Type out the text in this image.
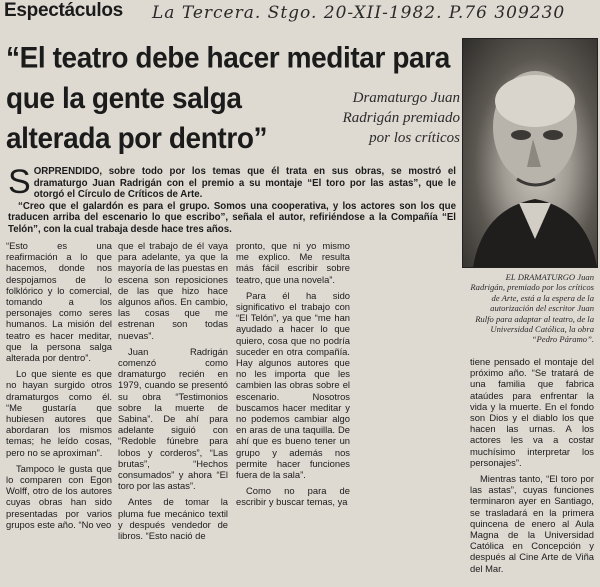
Espectáculos La Tercera. Stgo. 20-XII-1982. P.76 309230
“El teatro debe hacer meditar para
que la gente salga
alterada por dentro”
Dramaturgo Juan
Radrigán premiado
por los críticos
EL DRAMATURGO Juan Radrigán, premiado por los críticos de Arte, está a la espera de la autorización del escritor Juan Rulfo para adaptar al teatro, de la Universidad Católica, la obra “Pedro Páramo”.
S ORPRENDIDO, sobre todo por los temas que él trata en sus obras, se mostró el dramaturgo Juan Radrigán con el premio a su montaje “El toro por las astas”, que le otorgó el Círculo de Críticos de Arte.
“Creo que el galardón es para el grupo. Somos una cooperativa, y los actores son los que traducen arriba del escenario lo que escribo”, señala el autor, refiriéndose a la Compañía “El Telón”, con la cual trabaja desde hace tres años.

“Esto es una reafirmación a lo que hacemos, donde nos despojamos de lo folklórico y lo comercial, tomando a los personajes como seres humanos. La misión del teatro es hacer meditar, que la persona salga alterada por dentro”.

Lo que siente es que no hayan surgido otros dramaturgos como él. “Me gustaría que hubiesen autores que abordaran los mismos temas; he leído cosas, pero no se aproximan”.

Tampoco le gusta que lo comparen con Egon Wolff, otro de los autores cuyas obras han sido presentadas por varios grupos este año. “No veo

que el trabajo de él vaya para adelante, ya que la mayoría de las puestas en escena son reposiciones de las que hizo hace algunos años. En cambio, las cosas que me estrenan son todas nuevas”.

Juan Radrigán comenzó como dramaturgo recién en 1979, cuando se presentó su obra “Testimonios sobre la muerte de Sabina”. De ahí para adelante siguió con “Redoble fúnebre para lobos y corderos”, “Las brutas”, “Hechos consumados” y ahora “El toro por las astas”.

Antes de tomar la pluma fue mecánico textil y después vendedor de libros. “Esto nació de

pronto, que ni yo mismo me explico. Me resulta más fácil escribir sobre teatro, que una novela”.

Para él ha sido significativo el trabajo con “El Telón”, ya que “me han ayudado a hacer lo que quiero, cosa que no podría suceder en otra compañía. Hay algunos autores que no les importa que les cambien las obras sobre el escenario. Nosotros buscamos hacer meditar y no podemos cambiar algo en aras de una taquilla. De ahí que es bueno tener un grupo y además nos permite hacer funciones fuera de la sala”.

Como no para de escribir y buscar temas, ya

tiene pensado el montaje del próximo año. “Se tratará de una familia que fabrica ataúdes para enfrentar la vida y la muerte. En el fondo son Dios y el diablo los que hacen las urnas. A los actores les va a costar muchísimo interpretar los personajes”.

Mientras tanto, “El toro por las astas”, cuyas funciones terminaron ayer en Santiago, se trasladará en la primera quincena de enero al Aula Magna de la Universidad Católica en Concepción y después al Cine Arte de Viña del Mar.
